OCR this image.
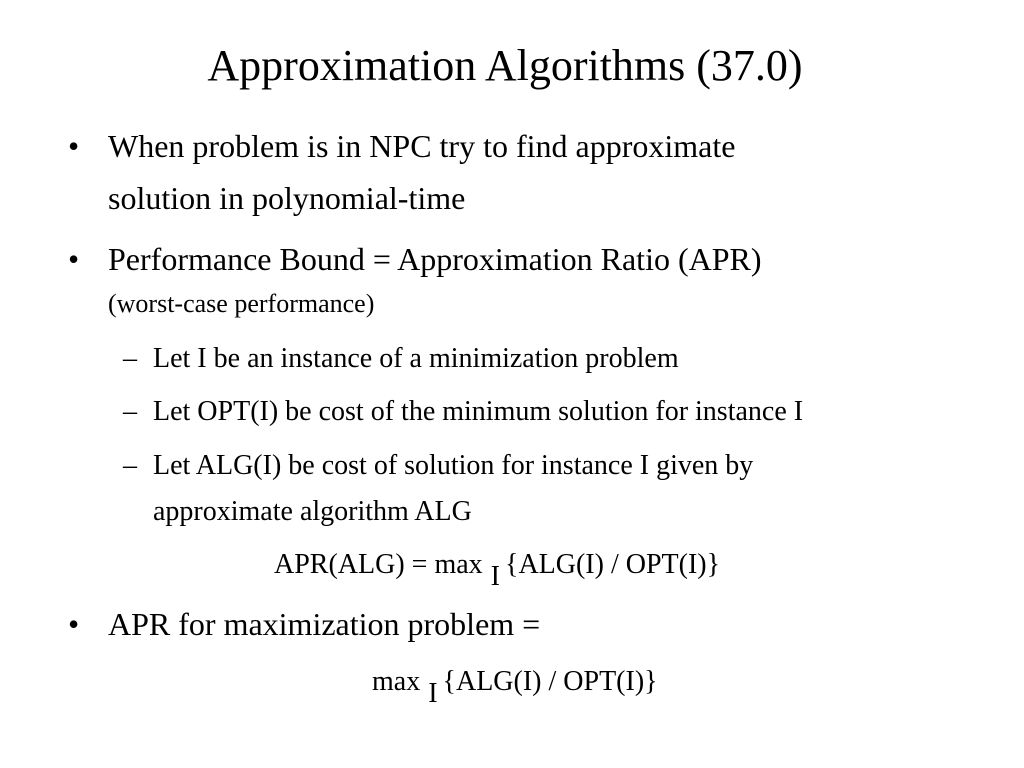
Approximation Algorithms (37.0)
• When problem is in NPC try to find approximate
solution in polynomial-time
• Performance Bound = Approximation Ratio (APR)
(worst-case performance)
– Let I be an instance of a minimization problem
– Let OPT(I) be cost of the minimum solution for instance I
– Let ALG(I) be cost of solution for instance I given by
approximate algorithm ALG
APR(ALG) = max I {ALG(I) / OPT(I)}
• APR for maximization problem =
max I {ALG(I) / OPT(I)}
